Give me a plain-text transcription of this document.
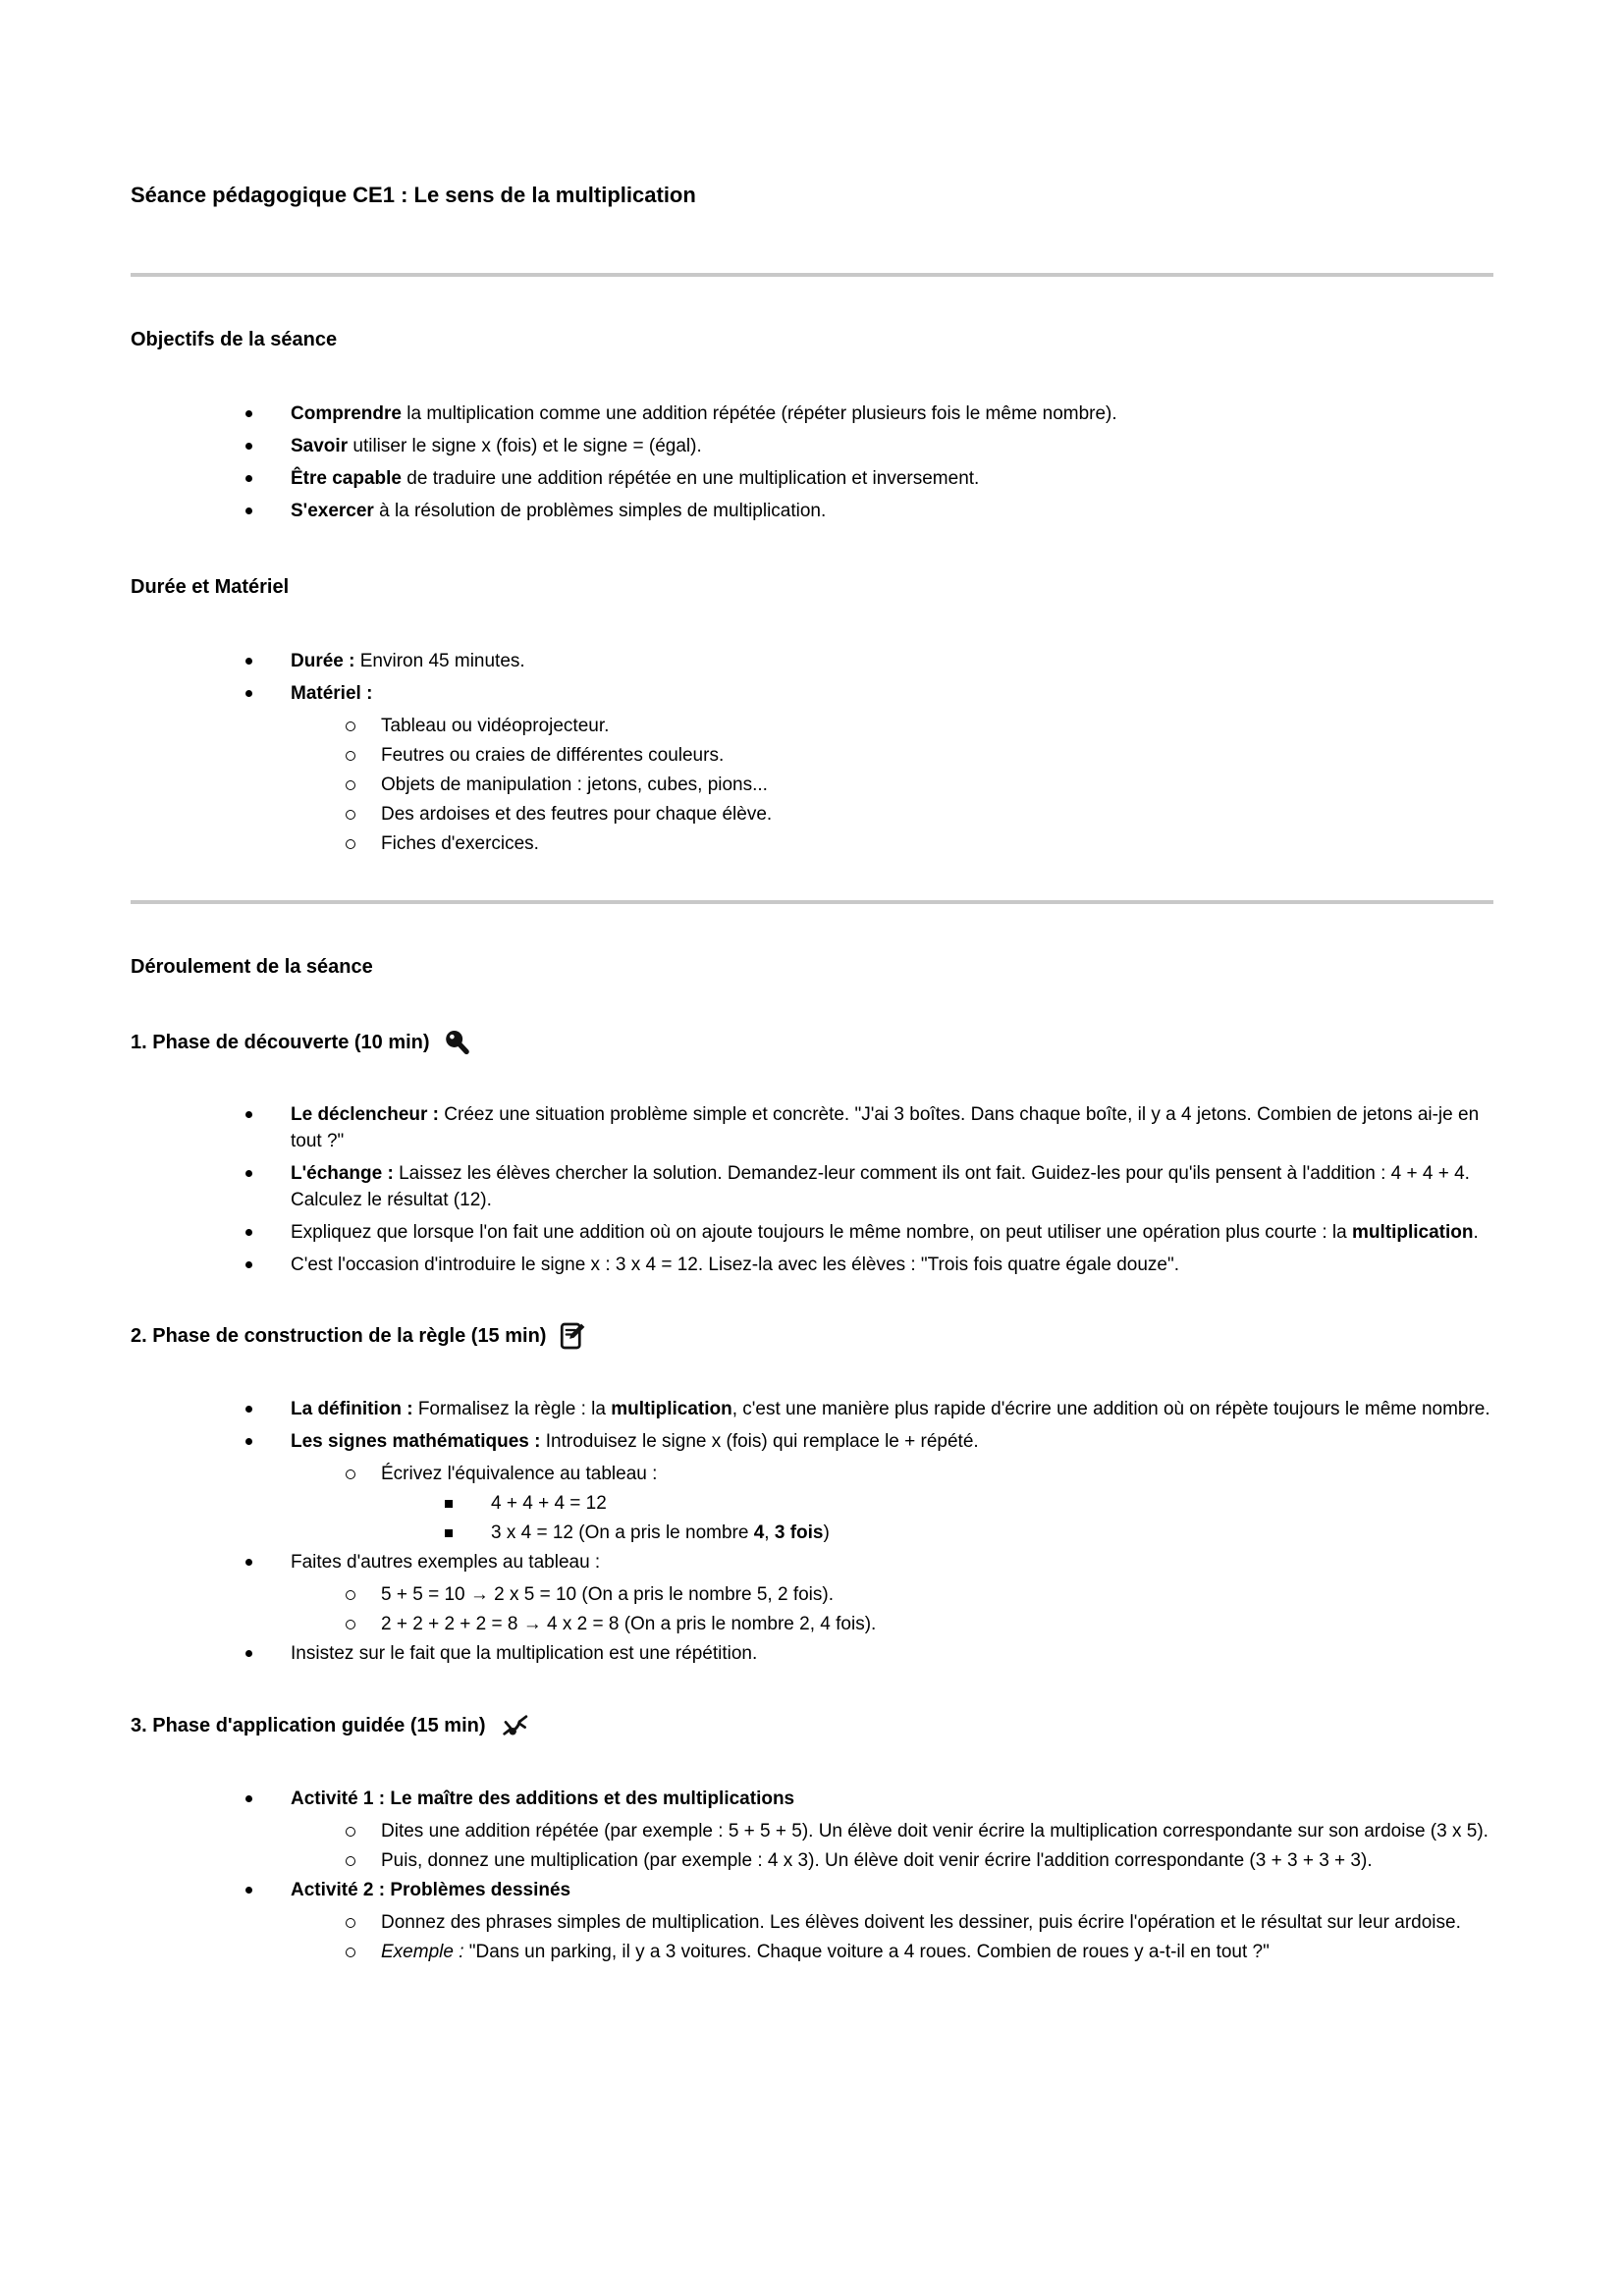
Séance pédagogique CE1 : Le sens de la multiplication
Objectifs de la séance
Comprendre la multiplication comme une addition répétée (répéter plusieurs fois le même nombre).
Savoir utiliser le signe x (fois) et le signe = (égal).
Être capable de traduire une addition répétée en une multiplication et inversement.
S'exercer à la résolution de problèmes simples de multiplication.
Durée et Matériel
Durée : Environ 45 minutes.
Matériel :
Tableau ou vidéoprojecteur.
Feutres ou craies de différentes couleurs.
Objets de manipulation : jetons, cubes, pions...
Des ardoises et des feutres pour chaque élève.
Fiches d'exercices.
Déroulement de la séance
1. Phase de découverte (10 min)
Le déclencheur : Créez une situation problème simple et concrète. "J'ai 3 boîtes. Dans chaque boîte, il y a 4 jetons. Combien de jetons ai-je en tout ?"
L'échange : Laissez les élèves chercher la solution. Demandez-leur comment ils ont fait. Guidez-les pour qu'ils pensent à l'addition : 4 + 4 + 4. Calculez le résultat (12).
Expliquez que lorsque l'on fait une addition où on ajoute toujours le même nombre, on peut utiliser une opération plus courte : la multiplication.
C'est l'occasion d'introduire le signe x : 3 x 4 = 12. Lisez-la avec les élèves : "Trois fois quatre égale douze".
2. Phase de construction de la règle (15 min)
La définition : Formalisez la règle : la multiplication, c'est une manière plus rapide d'écrire une addition où on répète toujours le même nombre.
Les signes mathématiques : Introduisez le signe x (fois) qui remplace le + répété.
Écrivez l'équivalence au tableau :
4 + 4 + 4 = 12
3 x 4 = 12 (On a pris le nombre 4, 3 fois)
Faites d'autres exemples au tableau :
5 + 5 = 10 → 2 x 5 = 10 (On a pris le nombre 5, 2 fois).
2 + 2 + 2 + 2 = 8 → 4 x 2 = 8 (On a pris le nombre 2, 4 fois).
Insistez sur le fait que la multiplication est une répétition.
3. Phase d'application guidée (15 min)
Activité 1 : Le maître des additions et des multiplications
Dites une addition répétée (par exemple : 5 + 5 + 5). Un élève doit venir écrire la multiplication correspondante sur son ardoise (3 x 5).
Puis, donnez une multiplication (par exemple : 4 x 3). Un élève doit venir écrire l'addition correspondante (3 + 3 + 3 + 3).
Activité 2 : Problèmes dessinés
Donnez des phrases simples de multiplication. Les élèves doivent les dessiner, puis écrire l'opération et le résultat sur leur ardoise.
Exemple : "Dans un parking, il y a 3 voitures. Chaque voiture a 4 roues. Combien de roues y a-t-il en tout ?"
